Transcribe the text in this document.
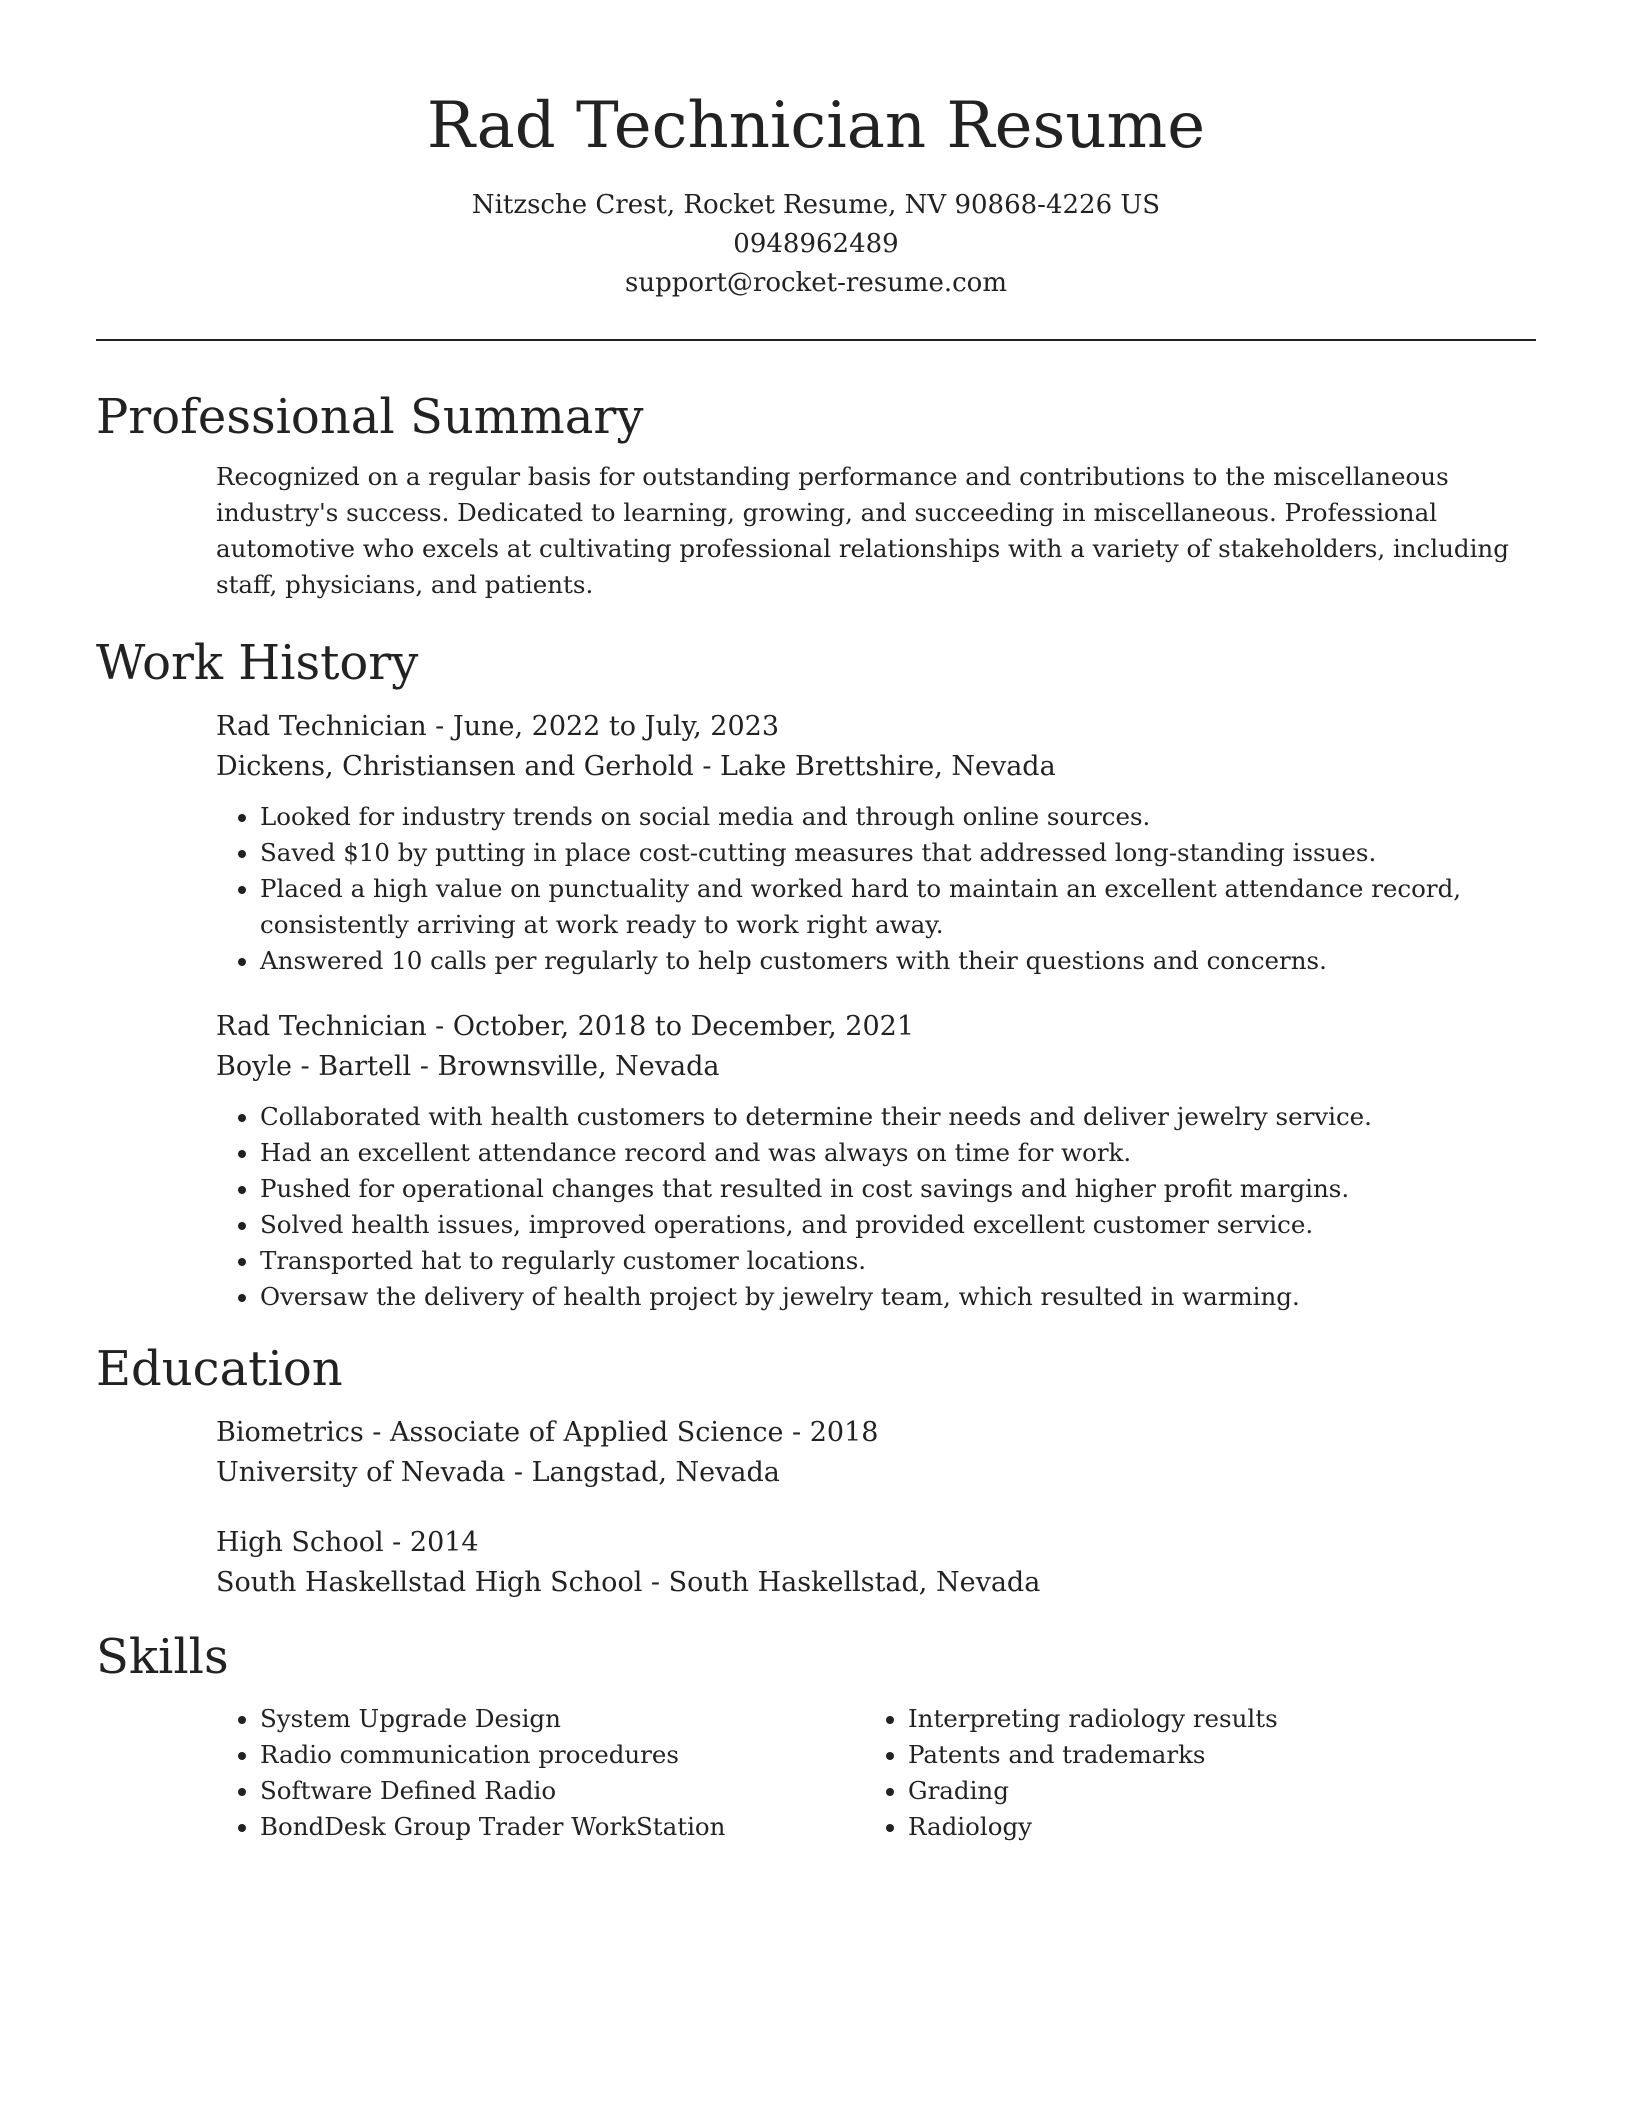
Rad Technician Resume

Nitzsche Crest, Rocket Resume, NV 90868-4226 US

0948962489

support@rocket-resume.com

Professional Summary

Recognized on a regular basis for outstanding performance and contributions to the miscellaneous industry's success. Dedicated to learning, growing, and succeeding in miscellaneous. Professional automotive who excels at cultivating professional relationships with a variety of stakeholders, including staff, physicians, and patients.

Work History

Rad Technician - June, 2022 to July, 2023

Dickens, Christiansen and Gerhold - Lake Brettshire, Nevada

• Looked for industry trends on social media and through online sources.
• Saved $10 by putting in place cost-cutting measures that addressed long-standing issues.
• Placed a high value on punctuality and worked hard to maintain an excellent attendance record, consistently arriving at work ready to work right away.
• Answered 10 calls per regularly to help customers with their questions and concerns.

Rad Technician - October, 2018 to December, 2021

Boyle - Bartell - Brownsville, Nevada

• Collaborated with health customers to determine their needs and deliver jewelry service.
• Had an excellent attendance record and was always on time for work.
• Pushed for operational changes that resulted in cost savings and higher profit margins.
• Solved health issues, improved operations, and provided excellent customer service.
• Transported hat to regularly customer locations.
• Oversaw the delivery of health project by jewelry team, which resulted in warming.
Education

Biometrics - Associate of Applied Science - 2018

University of Nevada - Langstad, Nevada

High School - 2014

South Haskellstad High School - South Haskellstad, Nevada

Skills
• System Upgrade Design
• Radio communication procedures
• Software Defined Radio
• BondDesk Group Trader WorkStation
• Interpreting radiology results
• Patents and trademarks
• Grading
• Radiology
